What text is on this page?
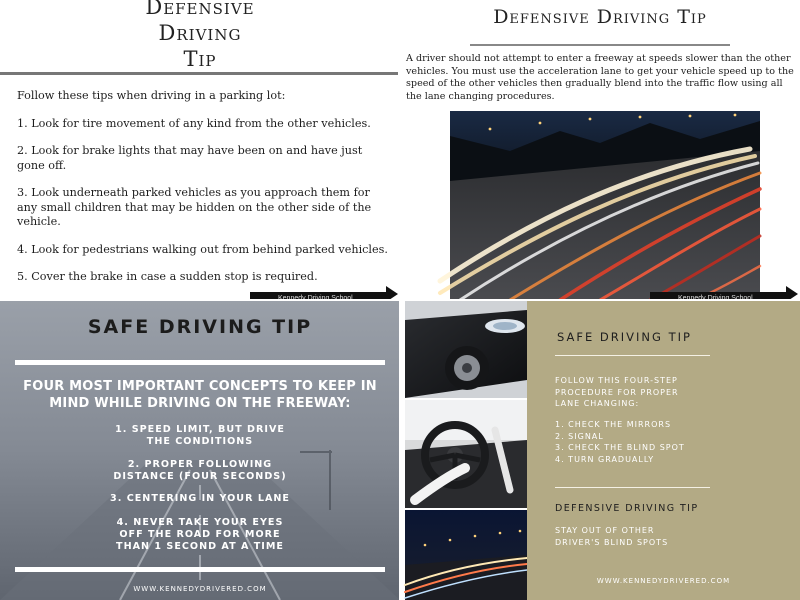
Defensive
Driving
Tip

Follow these tips when driving in a parking lot:

1. Look for tire movement of any kind from the other vehicles.

2. Look for brake lights that may have been on and have just gone off.

3. Look underneath parked vehicles as you approach them for any small children that may be hidden on the other side of the vehicle.

4. Look for pedestrians walking out from behind parked vehicles.

5. Cover the brake in case a sudden stop is required.

Defensive Driving Tip
A driver should not attempt to enter a freeway at speeds slower than the other vehicles. You must use the acceleration lane to get your vehicle speed up to the speed of the other vehicles then gradually blend into the traffic flow using all the lane changing procedures.
SAFE DRIVING TIP
FOUR MOST IMPORTANT CONCEPTS TO KEEP IN MIND WHILE DRIVING ON THE FREEWAY:
1. SPEED LIMIT, BUT DRIVE
THE CONDITIONS
2. PROPER FOLLOWING
DISTANCE (FOUR SECONDS)
3. CENTERING IN YOUR LANE
4. NEVER TAKE YOUR EYES
OFF THE ROAD FOR MORE
THAN 1 SECOND AT A TIME
WWW.KENNEDYDRIVERED.COM
SAFE DRIVING TIP
FOLLOW THIS FOUR-STEP
PROCEDURE FOR PROPER
LANE CHANGING:
1. CHECK THE MIRRORS
2. SIGNAL
3. CHECK THE BLIND SPOT
4. TURN GRADUALLY
DEFENSIVE DRIVING TIP
STAY OUT OF OTHER
DRIVER'S BLIND SPOTS
WWW.KENNEDYDRIVERED.COM
